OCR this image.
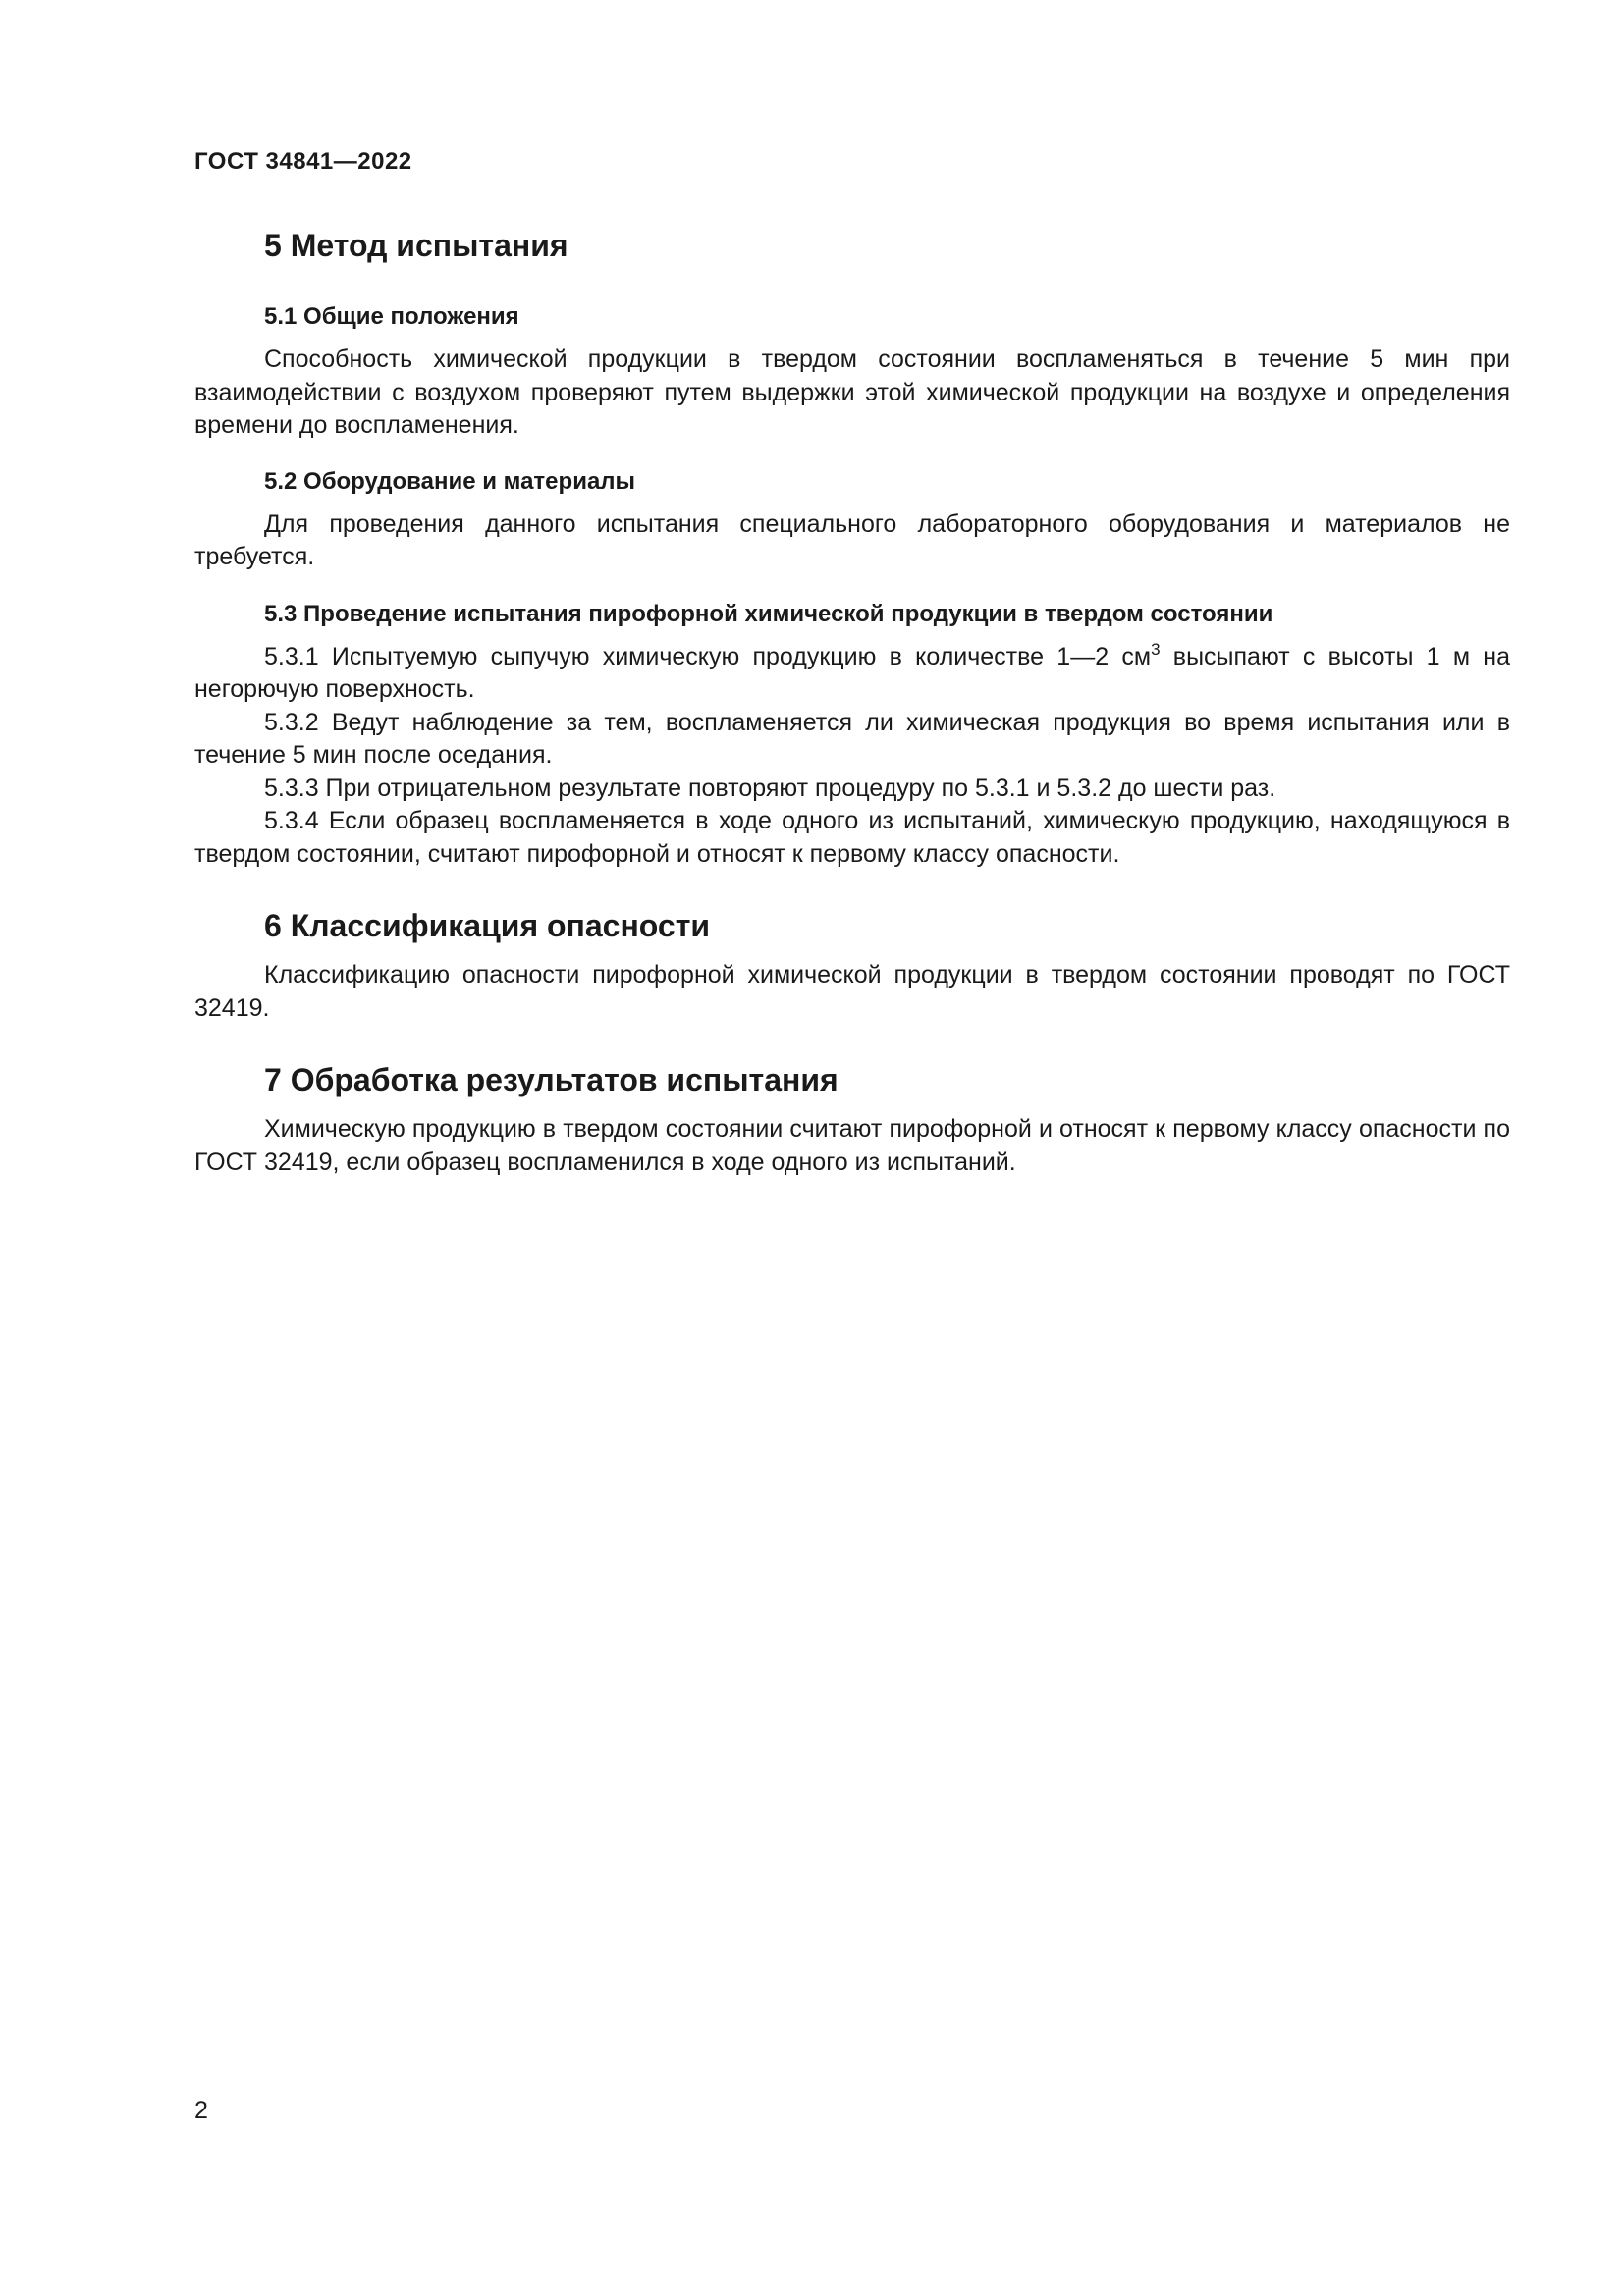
ГОСТ 34841—2022
5 Метод испытания
5.1 Общие положения

Способность химической продукции в твердом состоянии воспламеняться в течение 5 мин при взаимодействии с воздухом проверяют путем выдержки этой химической продукции на воздухе и определения времени до воспламенения.

5.2 Оборудование и материалы

Для проведения данного испытания специального лабораторного оборудования и материалов не требуется.

5.3 Проведение испытания пирофорной химической продукции в твердом состоянии

5.3.1 Испытуемую сыпучую химическую продукцию в количестве 1—2 $см^3$ высыпают с высоты 1 м на негорючую поверхность.

5.3.2 Ведут наблюдение за тем, воспламеняется ли химическая продукция во время испытания или в течение 5 мин после оседания.

5.3.3 При отрицательном результате повторяют процедуру по 5.3.1 и 5.3.2 до шести раз.

5.3.4 Если образец воспламеняется в ходе одного из испытаний, химическую продукцию, находящуюся в твердом состоянии, считают пирофорной и относят к первому классу опасности.

6 Классификация опасности

Классификацию опасности пирофорной химической продукции в твердом состоянии проводят по ГОСТ 32419.

7 Обработка результатов испытания

Химическую продукцию в твердом состоянии считают пирофорной и относят к первому классу опасности по ГОСТ 32419, если образец воспламенился в ходе одного из испытаний.

2
